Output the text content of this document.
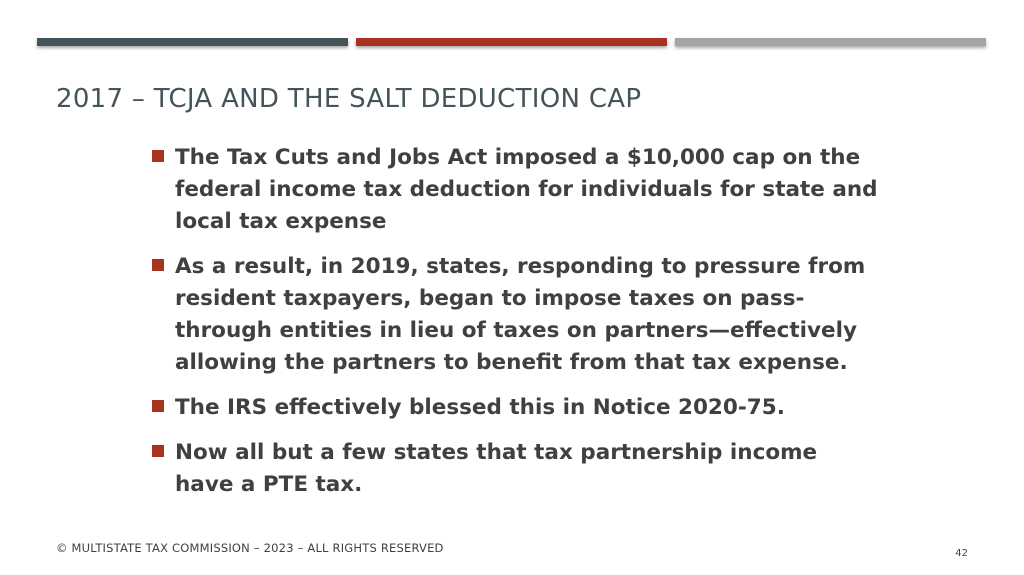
2017 – TCJA AND THE SALT DEDUCTION CAP
The Tax Cuts and Jobs Act imposed a $10,000 cap on the federal income tax deduction for individuals for state and local tax expense
As a result, in 2019, states, responding to pressure from resident taxpayers, began to impose taxes on pass-through entities in lieu of taxes on partners—effectively allowing the partners to benefit from that tax expense.
The IRS effectively blessed this in Notice 2020-75.
Now all but a few states that tax partnership income have a PTE tax.
© MULTISTATE TAX COMMISSION – 2023 – ALL RIGHTS RESERVED	42
